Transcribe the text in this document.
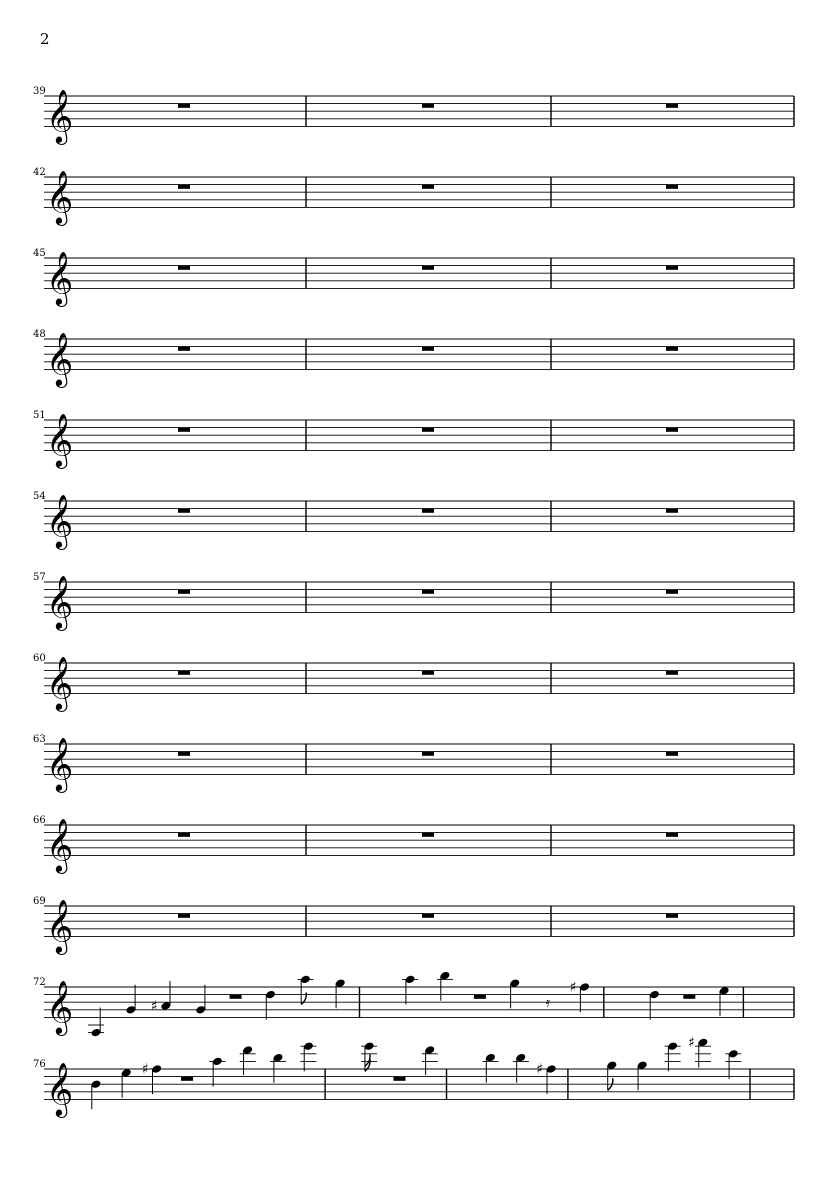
2
𝄞
39
𝄞
42
𝄞
45
𝄞
48
𝄞
51
𝄞
54
𝄞
57
𝄞
60
𝄞
63
𝄞
66
𝄞
69
𝄞
72
♯	𝄿
♯
𝄞
76	♯	♯
♯
